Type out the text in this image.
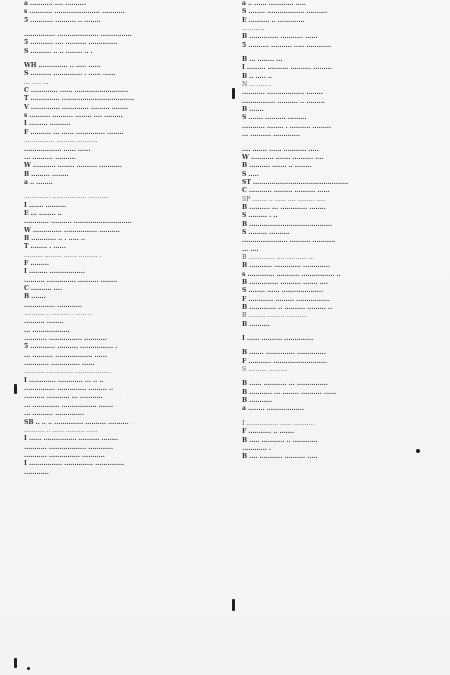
a ........... .... ..........
s ........... ...................... ...........
5 ........... .......... .. ........
............... .................... ...............
5 ........... .... .......... ..............
S .......... .. .. ........ .. .
WH .............. .. ..... ......
S .......... .............. . ...... ......
... ..... ...
C ............. ...... ..........................
T .............. ...................................
V .............. ............. ......... ........
s .......... .......... ........ .... .........
I ......... ..........
F .......... ... ...... .............. ........
................ .......... ...........
.................. ...... ......
... .......... ..........
W ........... ........ .......... ...........
B ......... ........
a .. ........
.............. .................. ...........
I ....... ..........
E ... ........ ..
............ .......... ............................
W .............. ................ ..........
B ............ .. . ..... ..
T ........ . ......
.......... ......... ....... .......... .
F .........
I ......... .................
.......... .............. .......... ........
C .......... ....
B .......
............... ............
........... .. ......... . ...... ..
.......... ........
... ..................
........... ................ ...........
5 ............ .......... ................ .
... .......... .................. ......
............ .............. ......
........... .............. ...................
I ............. ............ ... .. ..
............... .............. ......... ..
.......... ........... ... ...........
... ............. ................. .......
... .......... ..............
SB .. .. .. .............. .......... ..........
........... .. ...... .......... ......
I ...... ................ .......... ........
........... .................. ............
........... ............... ...........
I ................ .............. ..............
............
a .. ...... ............ .....
S ........ .................. ..........
E .......... .. .............
............
B .............. ........... ......
5 .......... .......... ..... ............
B ... ........ ...
I ......... .......... .......... .........
B .. ..... ..
N ... ..... ..
........... .................. ........
................ .......... .. .........
B .......
S ....... .......... .........
........... ........ . .......... .........
... .......... .............
.... ....... ...... ........... .....
W ........... ....... .......... ....
B .......... ....... .. ........
S .....
ST ..............................................
C ........... ......... .......... ......
SP ........ .. ...... .... ......... .....
B .......... ... ............. ........
S ......... . ..
B ........................................
S ......... ..........
...................... .......... ...........
... ....
B .............. .... ........... ...
B ........... ............. .............
s ............. ........... ................ ..
B .............. .......... ....... ....
S ........ ...... ....................
F ............ ......... ................
B ............. .. .......... ......... ..
B ......... ......... ...........
B ..........
I ...... .......... ..............
B ....... .............. ..............
F ........... ..........................
S .......... ..........
B ...... ........... ... ...............
B ........... ... ........ .......... ......
B ...........
a ........ ..................
I ................. ...... ...........
F ........... .. .......
B ..... ........... .. ............
............ .
B .... ........... .......... .....
